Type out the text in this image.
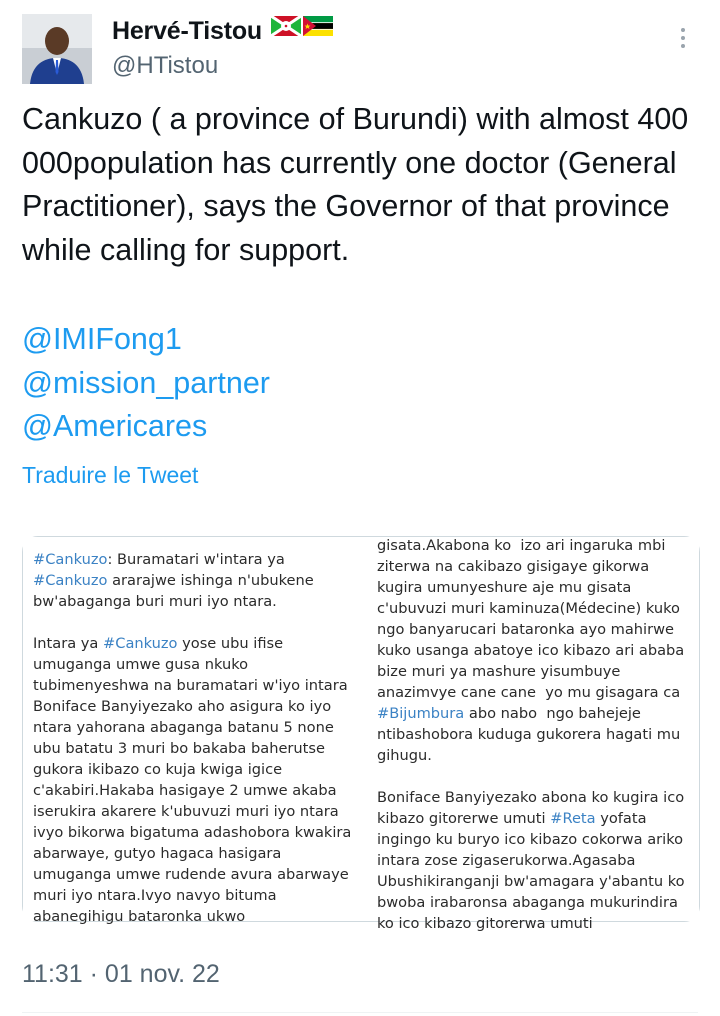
Hervé-Tistou
@HTistou
Cankuzo ( a province of Burundi) with almost 400 000population has currently one doctor (General Practitioner), says the Governor of that province while calling for support.
@IMIFong1
@mission_partner
@Americares
Traduire le Tweet
#Cankuzo: Buramatari w'intara ya #Cankuzo ararajwe ishinga n'ubukene bw'abaganga buri muri iyo ntara.

Intara ya #Cankuzo yose ubu ifise umuganga umwe gusa nkuko tubimenyeshwa na buramatari w'iyo intara Boniface Banyiyezako aho asigura ko iyo ntara yahorana abaganga batanu 5 none ubu batatu 3 muri bo bakaba baherutse gukora ikibazo co kuja kwiga igice c'akabiri.Hakaba hasigaye 2 umwe akaba iserukira akarere k'ubuvuzi muri iyo ntara ivyo bikorwa bigatuma adashobora kwakira abarwaye, gutyo hagaca hasigara umuganga umwe rudende avura abarwaye muri iyo ntara.Ivyo navyo bituma abanegihigu bataronka ukwo
gisata.Akabona ko  izo ari ingaruka mbi ziterwa na cakibazo gisigaye gikorwa kugira umunyeshure aje mu gisata c'ubuvuzi muri kaminuza(Médecine) kuko ngo banyarucari bataronka ayo mahirwe kuko usanga abatoye ico kibazo ari ababa bize muri ya mashure yisumbuye anazimvye cane cane  yo mu gisagara ca #Bijumbura abo nabo  ngo bahejeje ntibashobora kuduga gukorera hagati mu gihugu.

Boniface Banyiyezako abona ko kugira ico kibazo gitorerwe umuti #Reta yofata ingingo ku buryo ico kibazo cokorwa ariko intara zose zigaserukorwa.Agasaba Ubushikiranganji bw'amagara y'abantu ko bwoba irabaronsa abaganga mukurindira ko ico kibazo gitorerwa umuti
11:31 · 01 nov. 22
